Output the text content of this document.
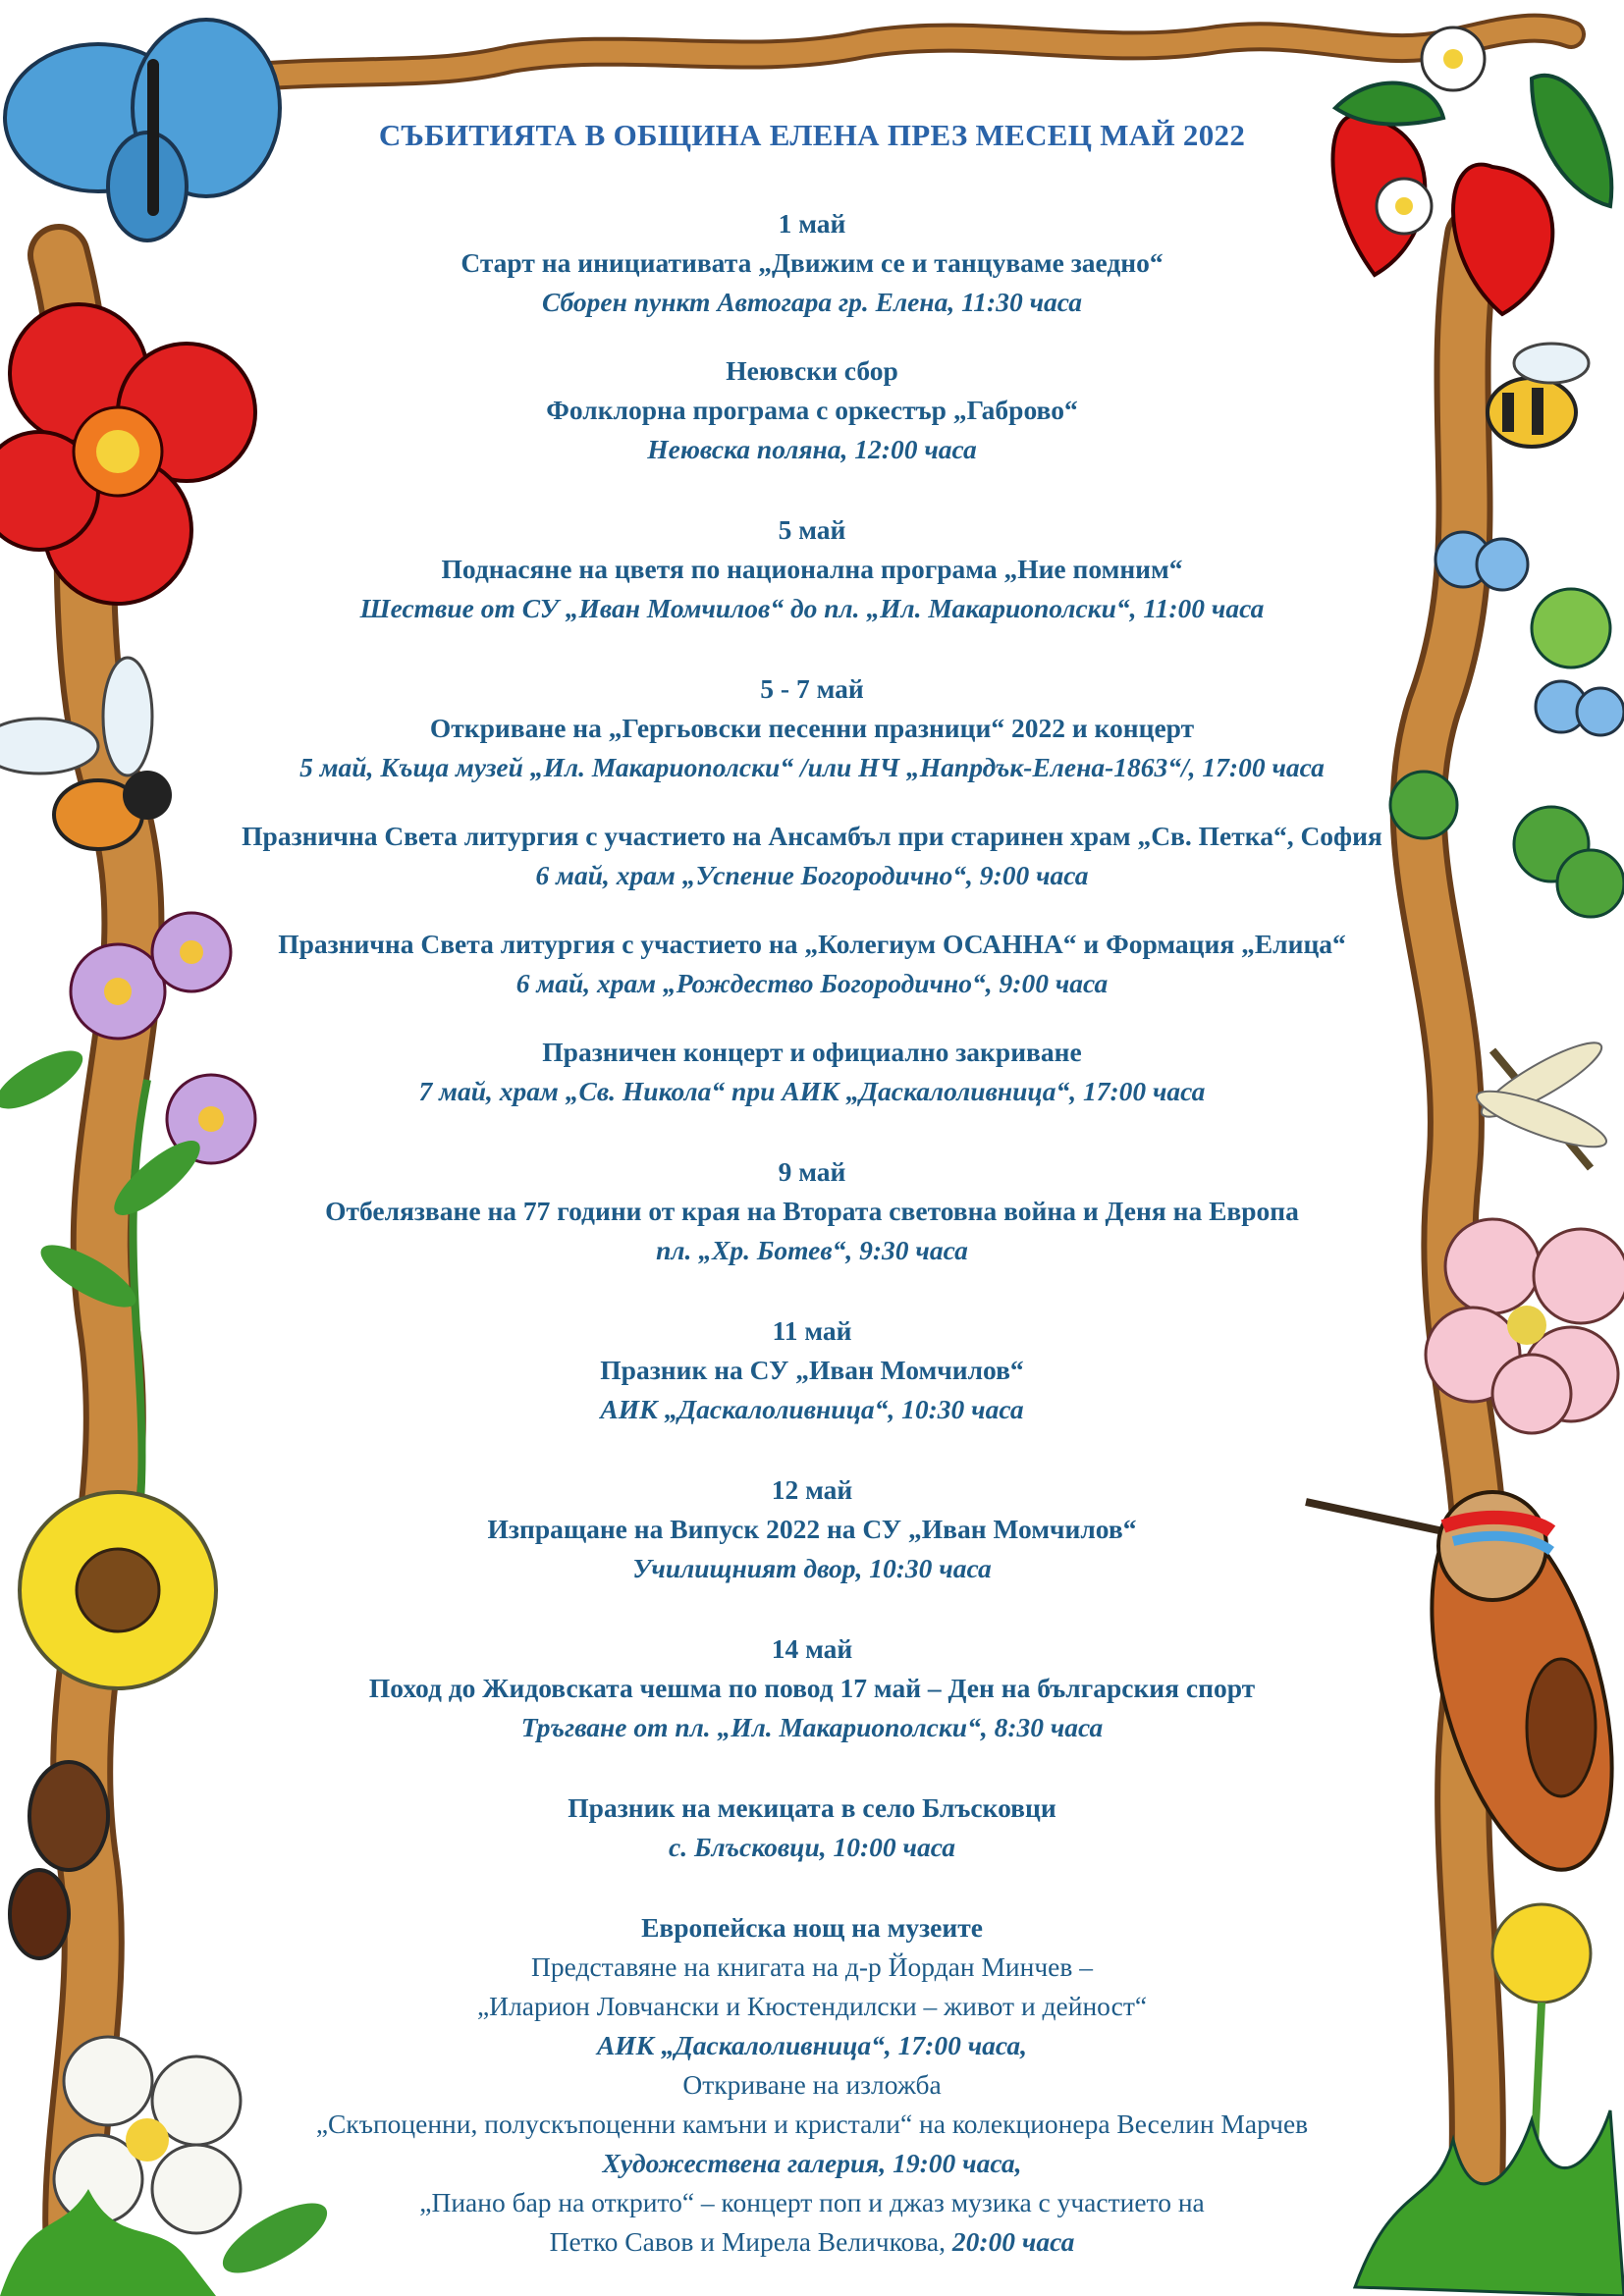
СЪБИТИЯТА В ОБЩИНА ЕЛЕНА ПРЕЗ МЕСЕЦ МАЙ 2022
1 май
Старт на инициативата „Движим се и танцуваме заедно“
Сборен пункт Автогара гр. Елена, 11:30 часа
Неювски сбор
Фолклорна програма с оркестър „Габрово“
Неювска поляна, 12:00 часа
5 май
Поднасяне на цветя по национална програма „Ние помним“
Шествие от СУ „Иван Момчилов“ до пл. „Ил. Макариополски“, 11:00 часа
5 - 7 май
Откриване на „Гергьовски песенни празници“ 2022 и концерт
5 май, Къща музей „Ил. Макариополски“ /или НЧ „Напрдък-Елена-1863“/, 17:00 часа
Празнична Света литургия с участието на Ансамбъл при старинен храм „Св. Петка“, София
6 май, храм „Успение Богородично“, 9:00 часа
Празнична Света литургия с участието на „Колегиум ОСАННА“ и Формация „Елица“
6 май, храм „Рождество Богородично“, 9:00 часа
Празничен концерт и официално закриване
7 май, храм „Св. Никола“ при АИК „Даскалоливница“, 17:00 часа
9 май
Отбелязване на 77 години от края на Втората световна война и Деня на Европа
пл. „Хр. Ботев“, 9:30 часа
11 май
Празник на СУ „Иван Момчилов“
АИК „Даскалоливница“, 10:30 часа
12 май
Изпращане на Випуск 2022 на СУ „Иван Момчилов“
Училищният двор, 10:30 часа
14 май
Поход до Жидовската чешма по повод 17 май – Ден на българския спорт
Тръгване от пл. „Ил. Макариополски“, 8:30 часа
Празник на мекицата в село Блъсковци
с. Блъсковци, 10:00 часа
Европейска нощ на музеите
Представяне на книгата на д-р Йордан Минчев –
„Иларион Ловчански и Кюстендилски – живот и дейност“
АИК „Даскалоливница“, 17:00 часа,
Откриване на изложба
„Скъпоценни, полускъпоценни камъни и кристали“ на колекционера Веселин Марчев
Художествена галерия, 19:00 часа,
„Пиано бар на открито“ – концерт поп и джаз музика с участието на
Петко Савов и Мирела Величкова, 20:00 часа
